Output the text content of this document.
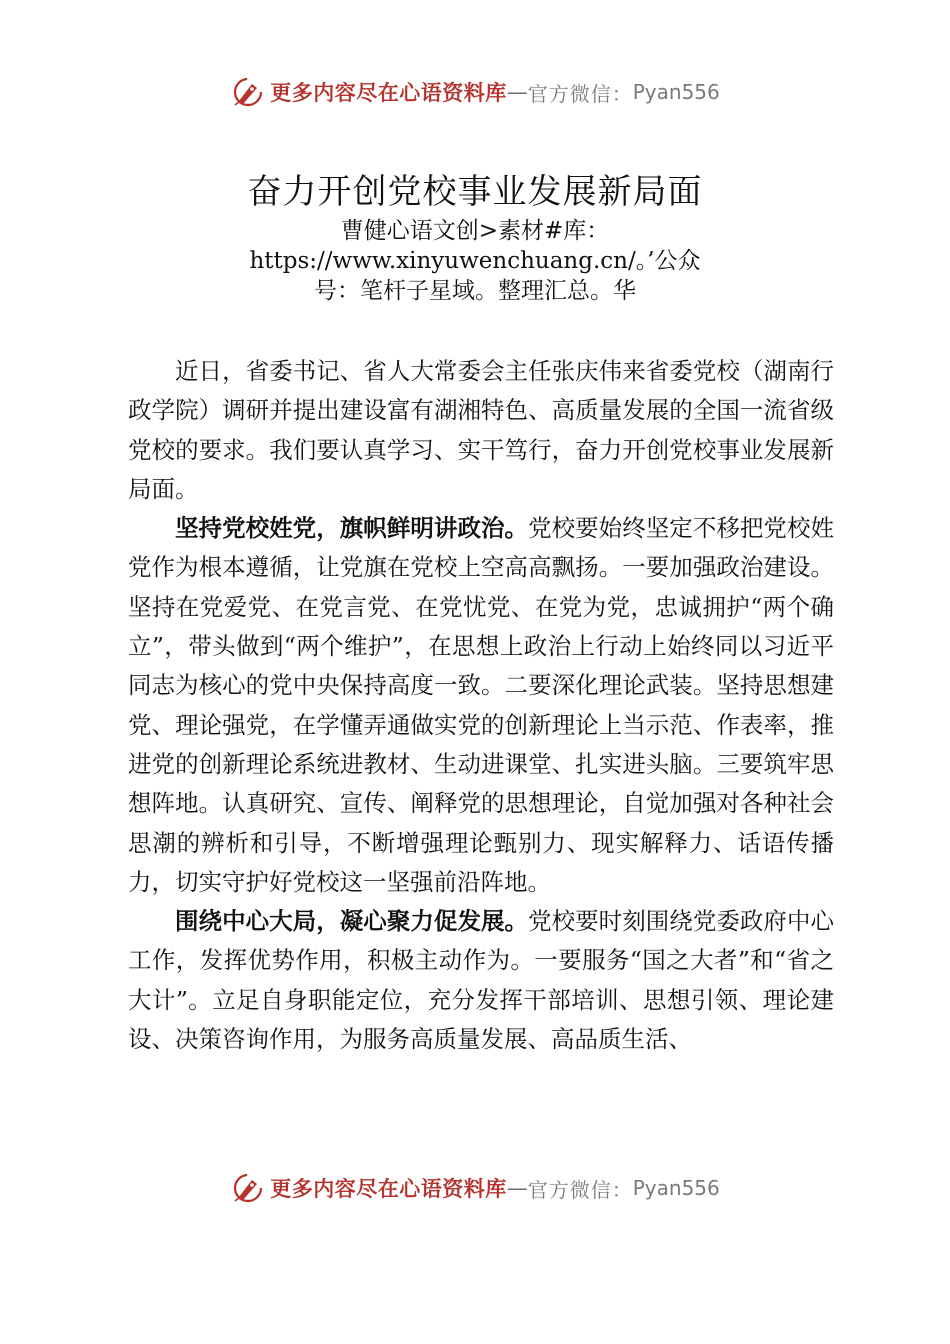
更多内容尽在心语资料库 — 官方微信： Pyan556
奋力开创党校事业发展新局面
曹健心语文创>素材#库：https://www.xinyuwenchuang.cn/。’公众号：笔杆子星域。整理汇总。华

近日，省委书记、省人大常委会主任张庆伟来省委党校（湖南行政学院）调研并提出建设富有湖湘特色、高质量发展的全国一流省级党校的要求。我们要认真学习、实干笃行，奋力开创党校事业发展新局面。

坚持党校姓党，旗帜鲜明讲政治。党校要始终坚定不移把党校姓党作为根本遵循，让党旗在党校上空高高飘扬。一要加强政治建设。坚持在党爱党、在党言党、在党忧党、在党为党，忠诚拥护“两个确立”，带头做到“两个维护”，在思想上政治上行动上始终同以习近平同志为核心的党中央保持高度一致。二要深化理论武装。坚持思想建党、理论强党，在学懂弄通做实党的创新理论上当示范、作表率，推进党的创新理论系统进教材、生动进课堂、扎实进头脑。三要筑牢思想阵地。认真研究、宣传、阐释党的思想理论，自觉加强对各种社会思潮的辨析和引导，不断增强理论甄别力、现实解释力、话语传播力，切实守护好党校这一坚强前沿阵地。

围绕中心大局，凝心聚力促发展。党校要时刻围绕党委政府中心工作，发挥优势作用，积极主动作为。一要服务“国之大者”和“省之大计”。立足自身职能定位，充分发挥干部培训、思想引领、理论建设、决策咨询作用，为服务高质量发展、高品质生活、

更多内容尽在心语资料库 — 官方微信： Pyan556
